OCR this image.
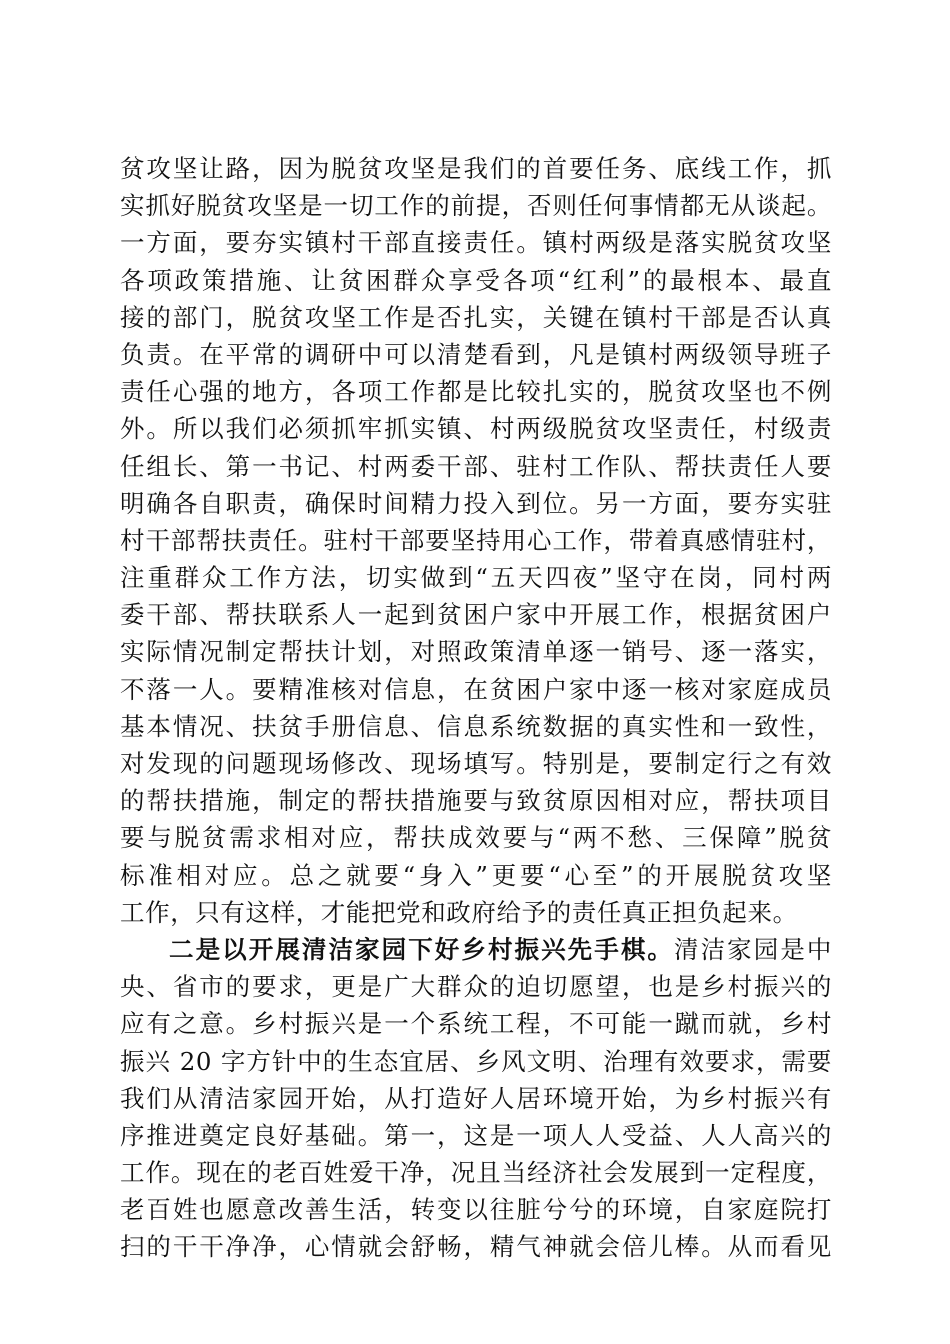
贫攻坚让路，因为脱贫攻坚是我们的首要任务、底线工作，抓
实抓好脱贫攻坚是一切工作的前提，否则任何事情都无从谈起。
一方面，要夯实镇村干部直接责任。镇村两级是落实脱贫攻坚
各项政策措施、让贫困群众享受各项“红利”的最根本、最直
接的部门，脱贫攻坚工作是否扎实，关键在镇村干部是否认真
负责。在平常的调研中可以清楚看到，凡是镇村两级领导班子
责任心强的地方，各项工作都是比较扎实的，脱贫攻坚也不例
外。所以我们必须抓牢抓实镇、村两级脱贫攻坚责任，村级责
任组长、第一书记、村两委干部、驻村工作队、帮扶责任人要
明确各自职责，确保时间精力投入到位。另一方面，要夯实驻
村干部帮扶责任。驻村干部要坚持用心工作，带着真感情驻村，
注重群众工作方法，切实做到“五天四夜”坚守在岗，同村两
委干部、帮扶联系人一起到贫困户家中开展工作，根据贫困户
实际情况制定帮扶计划，对照政策清单逐一销号、逐一落实，
不落一人。要精准核对信息，在贫困户家中逐一核对家庭成员
基本情况、扶贫手册信息、信息系统数据的真实性和一致性，
对发现的问题现场修改、现场填写。特别是，要制定行之有效
的帮扶措施，制定的帮扶措施要与致贫原因相对应，帮扶项目
要与脱贫需求相对应，帮扶成效要与“两不愁、三保障”脱贫
标准相对应。总之就要“身入”更要“心至”的开展脱贫攻坚
工作，只有这样，才能把党和政府给予的责任真正担负起来。
二是以开展清洁家园下好乡村振兴先手棋。清洁家园是中
央、省市的要求，更是广大群众的迫切愿望，也是乡村振兴的
应有之意。乡村振兴是一个系统工程，不可能一蹴而就，乡村
振兴 20 字方针中的生态宜居、乡风文明、治理有效要求，需要
我们从清洁家园开始，从打造好人居环境开始，为乡村振兴有
序推进奠定良好基础。第一，这是一项人人受益、人人高兴的
工作。现在的老百姓爱干净，况且当经济社会发展到一定程度，
老百姓也愿意改善生活，转变以往脏兮兮的环境，自家庭院打
扫的干干净净，心情就会舒畅，精气神就会倍儿棒。从而看见
